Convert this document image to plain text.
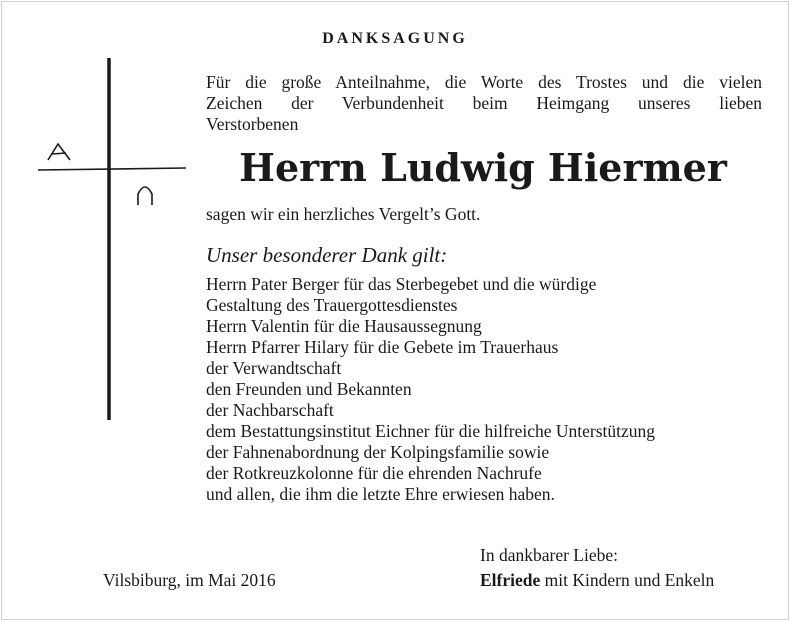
DANKSAGUNG
Für die große Anteilnahme, die Worte des Trostes und die vielen
Zeichen der Verbundenheit beim Heimgang unseres lieben
Verstorbenen
Herrn Ludwig Hiermer
sagen wir ein herzliches Vergelt’s Gott.
Unser besonderer Dank gilt:
Herrn Pater Berger für das Sterbegebet und die würdige
Gestaltung des Trauergottesdienstes
Herrn Valentin für die Hausaussegnung
Herrn Pfarrer Hilary für die Gebete im Trauerhaus
der Verwandtschaft
den Freunden und Bekannten
der Nachbarschaft
dem Bestattungsinstitut Eichner für die hilfreiche Unterstützung
der Fahnenabordnung der Kolpingsfamilie sowie
der Rotkreuzkolonne für die ehrenden Nachrufe
und allen, die ihm die letzte Ehre erwiesen haben.
In dankbarer Liebe:
Elfriede mit Kindern und Enkeln
Vilsbiburg, im Mai 2016
